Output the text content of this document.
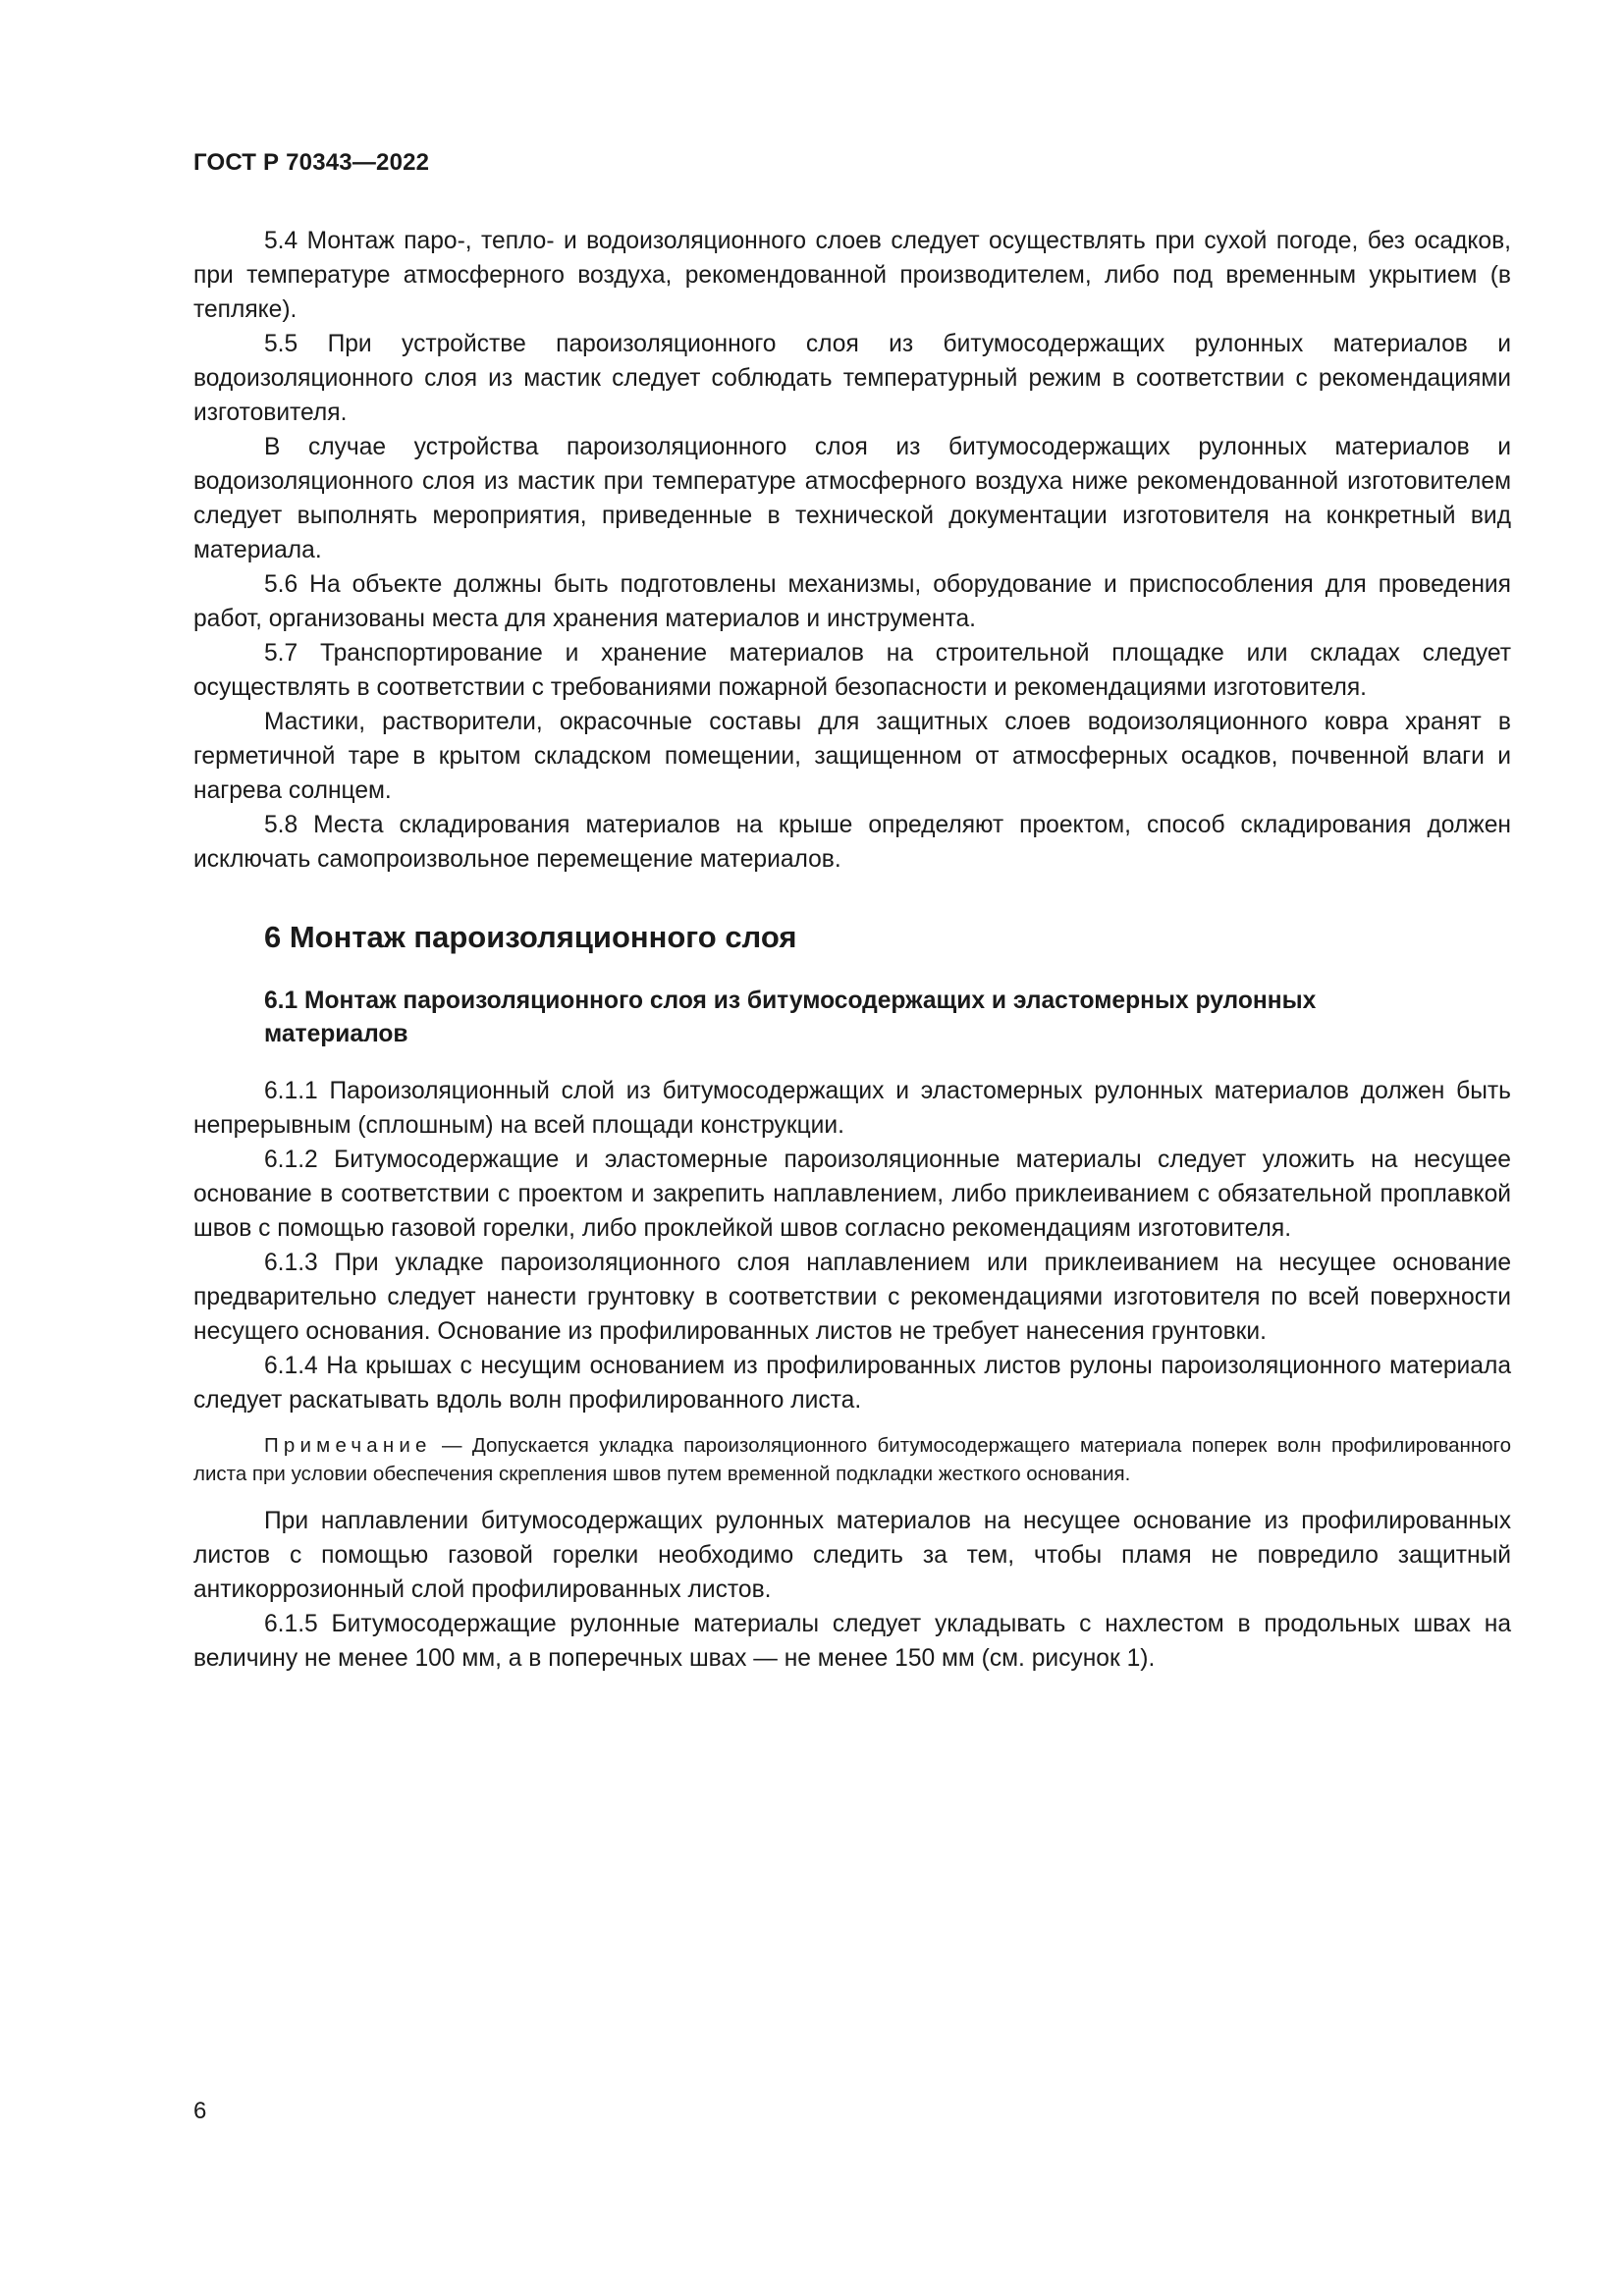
ГОСТ Р 70343—2022

5.4 Монтаж паро-, тепло- и водоизоляционного слоев следует осуществлять при сухой погоде, без осадков, при температуре атмосферного воздуха, рекомендованной производителем, либо под временным укрытием (в тепляке).

5.5 При устройстве пароизоляционного слоя из битумосодержащих рулонных материалов и водоизоляционного слоя из мастик следует соблюдать температурный режим в соответствии с рекомендациями изготовителя.

В случае устройства пароизоляционного слоя из битумосодержащих рулонных материалов и водоизоляционного слоя из мастик при температуре атмосферного воздуха ниже рекомендованной изготовителем следует выполнять мероприятия, приведенные в технической документации изготовителя на конкретный вид материала.

5.6 На объекте должны быть подготовлены механизмы, оборудование и приспособления для проведения работ, организованы места для хранения материалов и инструмента.

5.7 Транспортирование и хранение материалов на строительной площадке или складах следует осуществлять в соответствии с требованиями пожарной безопасности и рекомендациями изготовителя.

Мастики, растворители, окрасочные составы для защитных слоев водоизоляционного ковра хранят в герметичной таре в крытом складском помещении, защищенном от атмосферных осадков, почвенной влаги и нагрева солнцем.

5.8 Места складирования материалов на крыше определяют проектом, способ складирования должен исключать самопроизвольное перемещение материалов.

6 Монтаж пароизоляционного слоя
6.1 Монтаж пароизоляционного слоя из битумосодержащих и эластомерных рулонных материалов

6.1.1 Пароизоляционный слой из битумосодержащих и эластомерных рулонных материалов должен быть непрерывным (сплошным) на всей площади конструкции.

6.1.2 Битумосодержащие и эластомерные пароизоляционные материалы следует уложить на несущее основание в соответствии с проектом и закрепить наплавлением, либо приклеиванием с обязательной проплавкой швов с помощью газовой горелки, либо проклейкой швов согласно рекомендациям изготовителя.

6.1.3 При укладке пароизоляционного слоя наплавлением или приклеиванием на несущее основание предварительно следует нанести грунтовку в соответствии с рекомендациями изготовителя по всей поверхности несущего основания. Основание из профилированных листов не требует нанесения грунтовки.

6.1.4 На крышах с несущим основанием из профилированных листов рулоны пароизоляционного материала следует раскатывать вдоль волн профилированного листа.

Примечание — Допускается укладка пароизоляционного битумосодержащего материала поперек волн профилированного листа при условии обеспечения скрепления швов путем временной подкладки жесткого основания.

При наплавлении битумосодержащих рулонных материалов на несущее основание из профилированных листов с помощью газовой горелки необходимо следить за тем, чтобы пламя не повредило защитный антикоррозионный слой профилированных листов.

6.1.5 Битумосодержащие рулонные материалы следует укладывать с нахлестом в продольных швах на величину не менее 100 мм, а в поперечных швах — не менее 150 мм (см. рисунок 1).

6
